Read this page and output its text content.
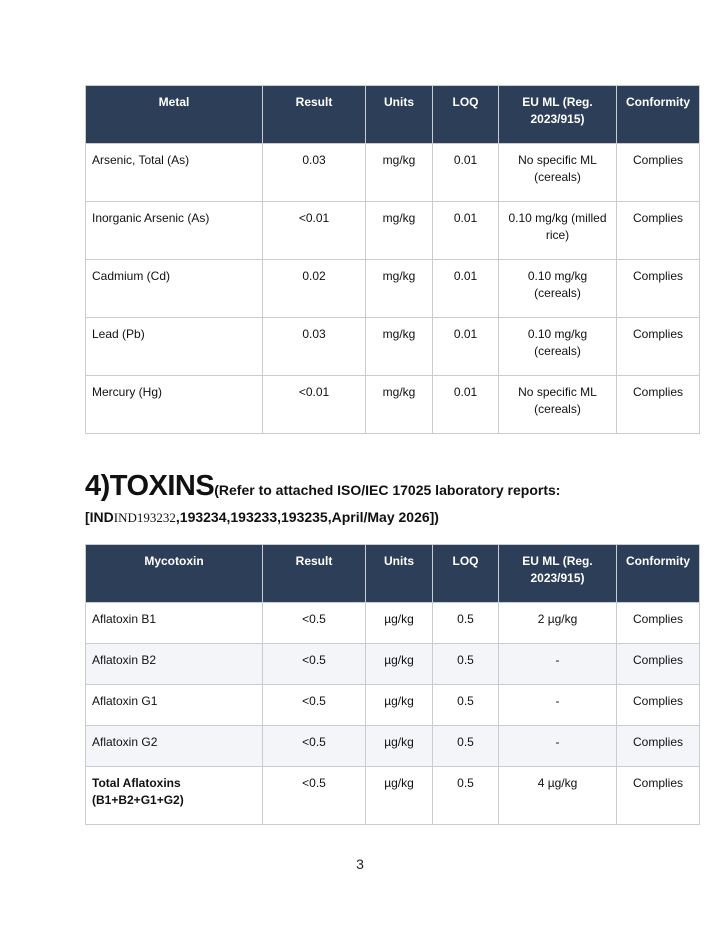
Metal	Result	Units	LOQ	EU ML (Reg. 2023/915)	Conformity
Arsenic, Total (As)	0.03	mg/kg	0.01	No specific ML (cereals)	Complies
Inorganic Arsenic (As)	<0.01	mg/kg	0.01	0.10 mg/kg (milled rice)	Complies
Cadmium (Cd)	0.02	mg/kg	0.01	0.10 mg/kg (cereals)	Complies
Lead (Pb)	0.03	mg/kg	0.01	0.10 mg/kg (cereals)	Complies
Mercury (Hg)	<0.01	mg/kg	0.01	No specific ML (cereals)	Complies
4)TOXINS(Refer to attached ISO/IEC 17025 laboratory reports:
[INDIND193232,193234,193233,193235,April/May 2026])
Mycotoxin	Result	Units	LOQ	EU ML (Reg. 2023/915)	Conformity
Aflatoxin B1	<0.5	µg/kg	0.5	2 µg/kg	Complies
Aflatoxin B2	<0.5	µg/kg	0.5	-	Complies
Aflatoxin G1	<0.5	µg/kg	0.5	-	Complies
Aflatoxin G2	<0.5	µg/kg	0.5	-	Complies
Total Aflatoxins (B1+B2+G1+G2)	<0.5	µg/kg	0.5	4 µg/kg	Complies
3
